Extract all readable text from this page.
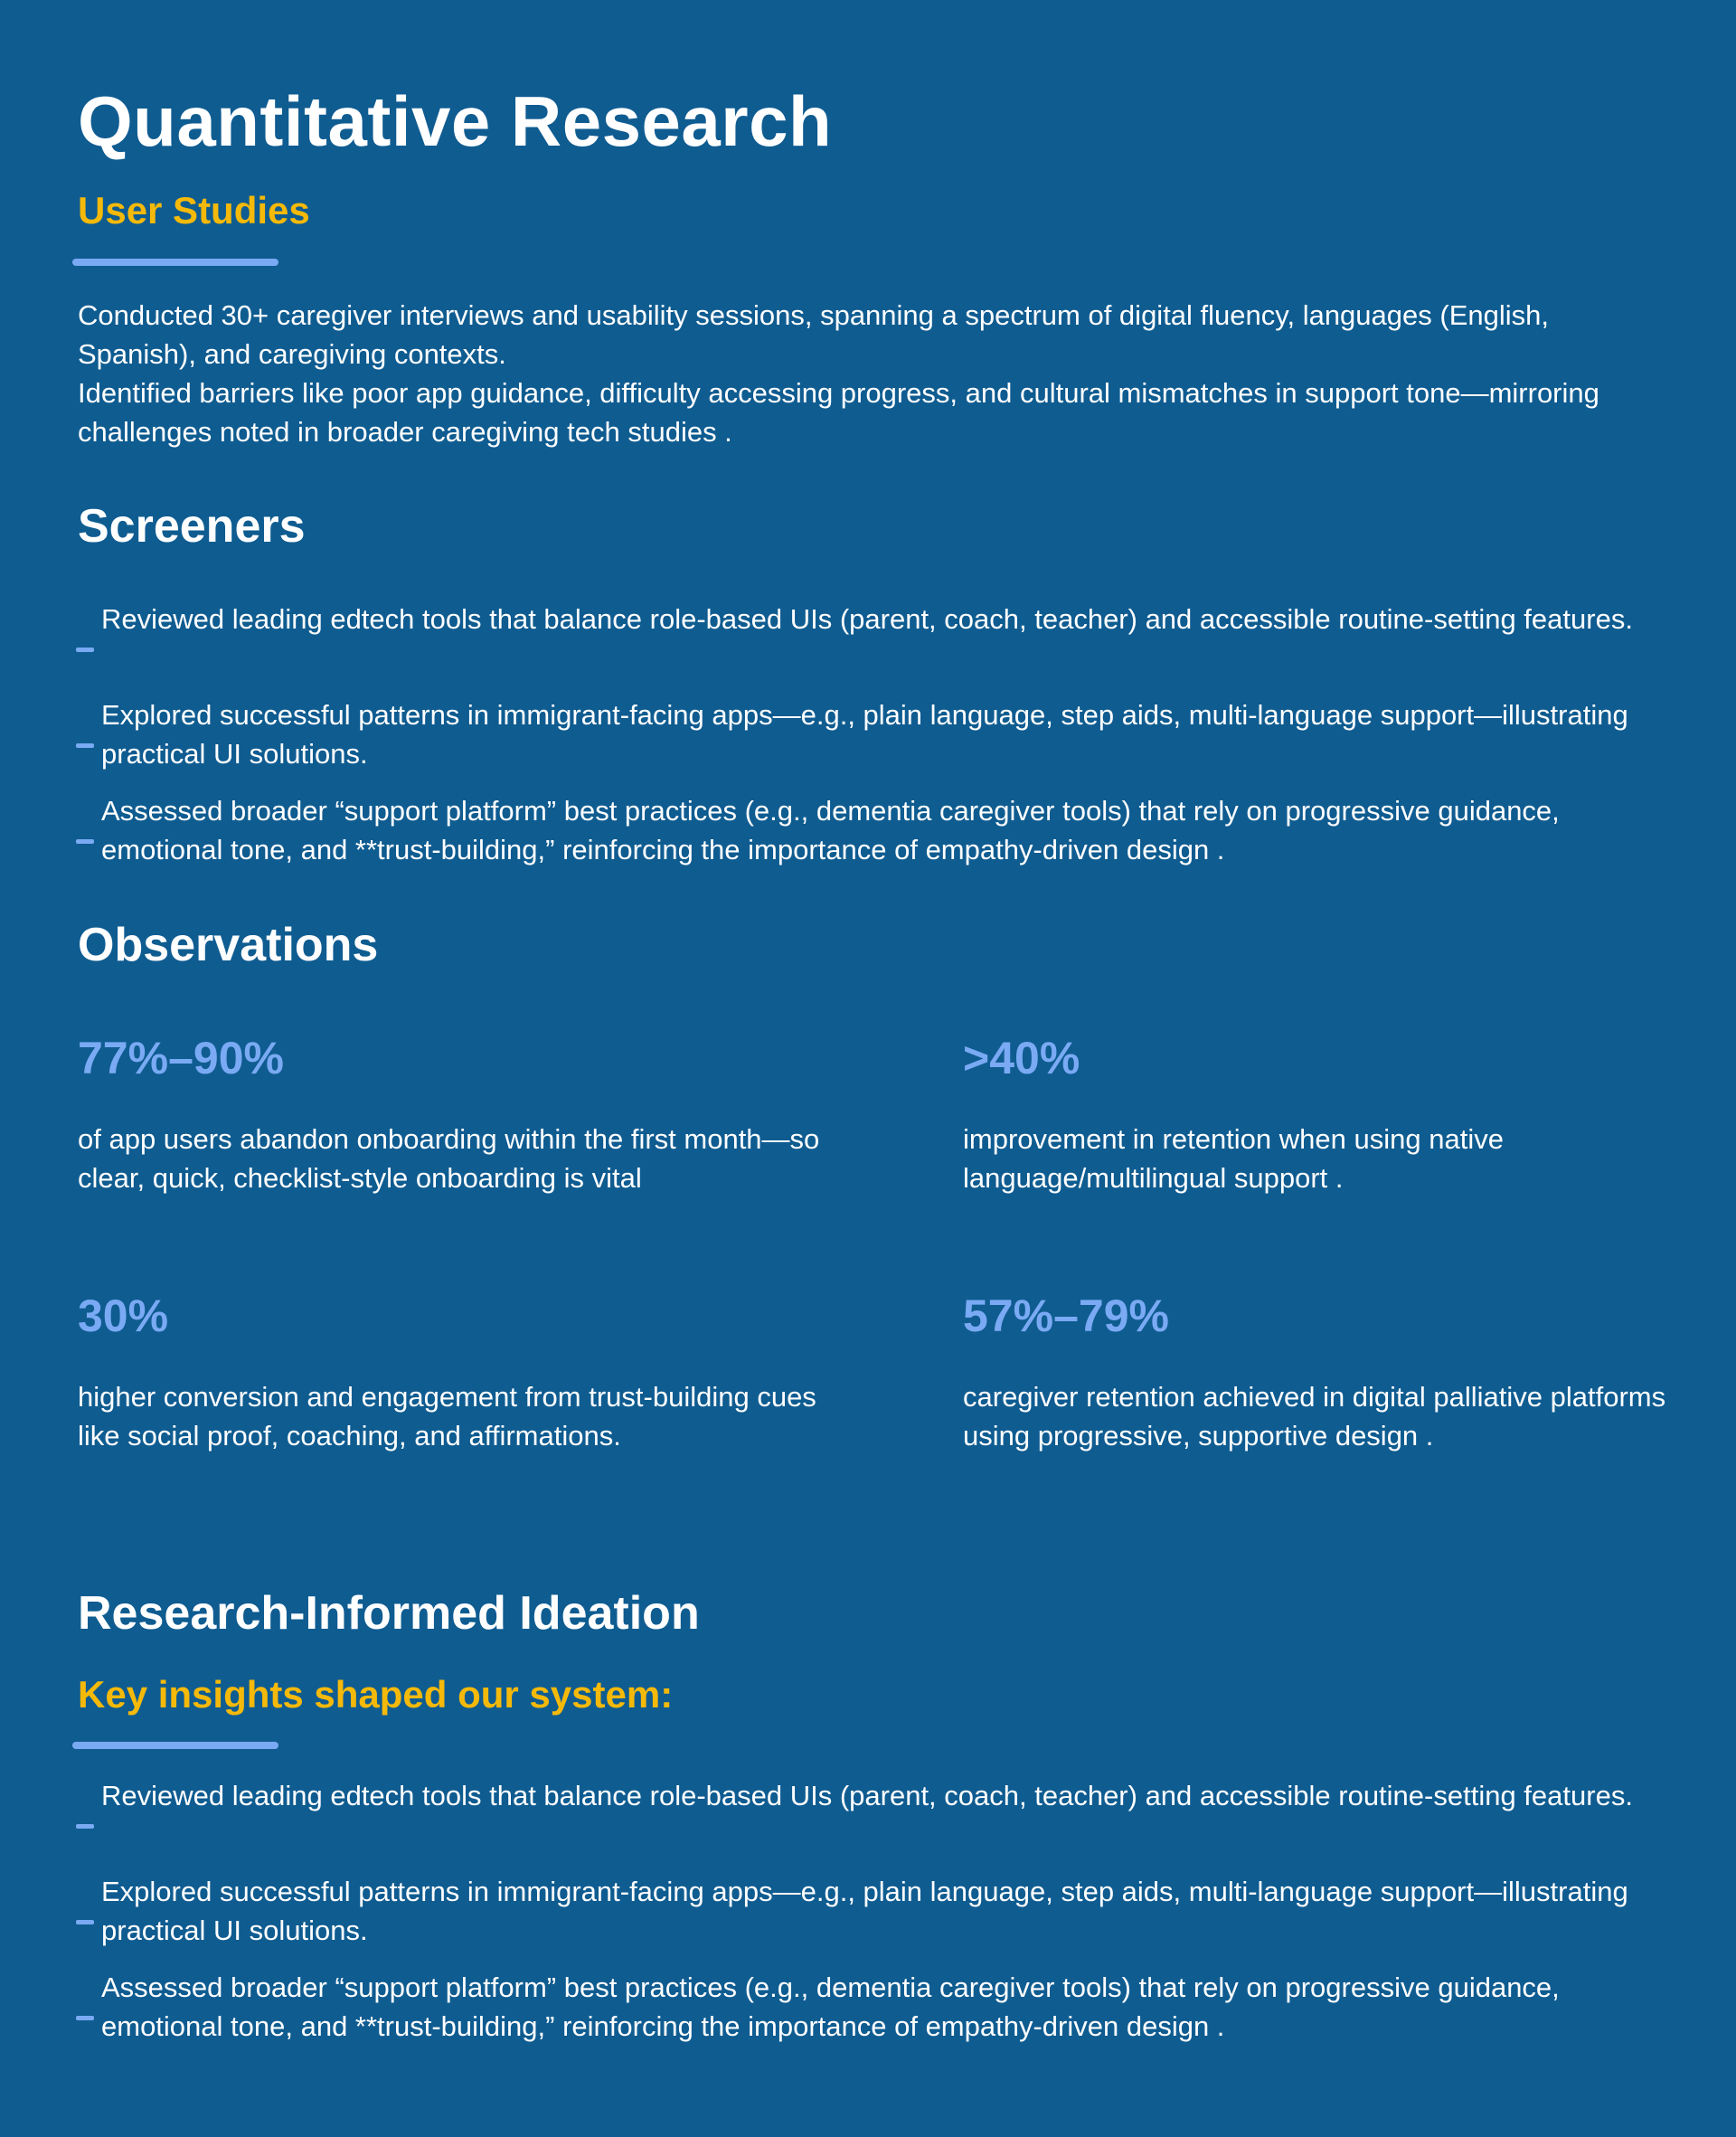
Quantitative Research
User Studies

Conducted 30+ caregiver interviews and usability sessions, spanning a spectrum of digital fluency, languages (English, Spanish), and caregiving contexts.

Identified barriers like poor app guidance, difficulty accessing progress, and cultural mismatches in support tone—mirroring challenges noted in broader caregiving tech studies .

Screeners

Reviewed leading edtech tools that balance role-based UIs (parent, coach, teacher) and accessible routine-setting features.

Explored successful patterns in immigrant-facing apps—e.g., plain language, step aids, multi-language support—illustrating practical UI solutions.

Assessed broader “support platform” best practices (e.g., dementia caregiver tools) that rely on progressive guidance, emotional tone, and **trust-building,” reinforcing the importance of empathy-driven design .

Observations

77%–90%

of app users abandon onboarding within the first month—so clear, quick, checklist-style onboarding is vital

>40%

improvement in retention when using native language/multilingual support .

30%

higher conversion and engagement from trust-building cues like social proof, coaching, and affirmations.

57%–79%

caregiver retention achieved in digital palliative platforms using progressive, supportive design .

Research-Informed Ideation
Key insights shaped our system:

Reviewed leading edtech tools that balance role-based UIs (parent, coach, teacher) and accessible routine-setting features.

Explored successful patterns in immigrant-facing apps—e.g., plain language, step aids, multi-language support—illustrating practical UI solutions.

Assessed broader “support platform” best practices (e.g., dementia caregiver tools) that rely on progressive guidance, emotional tone, and **trust-building,” reinforcing the importance of empathy-driven design .
